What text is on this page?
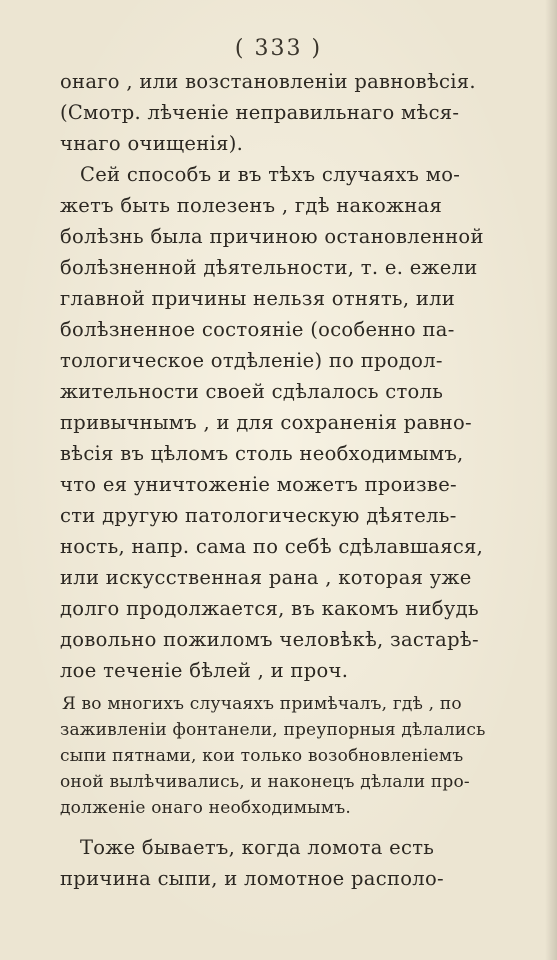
( 333 )
онаго , или возстановленіи равновѣсія.
(Смотр. лѣченіе неправильнаго мѣся-
чнаго очищенія).
Сей способъ и въ тѣхъ случаяхъ мо-
жетъ быть полезенъ , гдѣ накожная
болѣзнь была причиною остановленной
болѣзненной дѣятельности, т. е. ежели
главной причины нельзя отнять, или
болѣзненное состояніе (особенно па-
тологическое отдѣленіе) по продол-
жительности своей сдѣлалось столь
привычнымъ , и для сохраненія равно-
вѣсія въ цѣломъ столь необходимымъ,
что ея уничтоженіе можетъ произве-
сти другую патологическую дѣятель-
ность, напр. сама по себѣ сдѣлавшаяся,
или искусственная рана , которая уже
долго продолжается, въ какомъ нибудь
довольно пожиломъ человѣкѣ, застарѣ-
лое теченіе бѣлей , и проч.
Я во многихъ случаяхъ примѣчалъ, гдѣ , по
заживленіи фонтанели, преупорныя дѣлались
сыпи пятнами, кои только возобновленіемъ
оной вылѣчивались, и наконецъ дѣлали про-
долженіе онаго необходимымъ.
Тоже бываетъ, когда ломота есть
причина сыпи, и ломотное располо-
